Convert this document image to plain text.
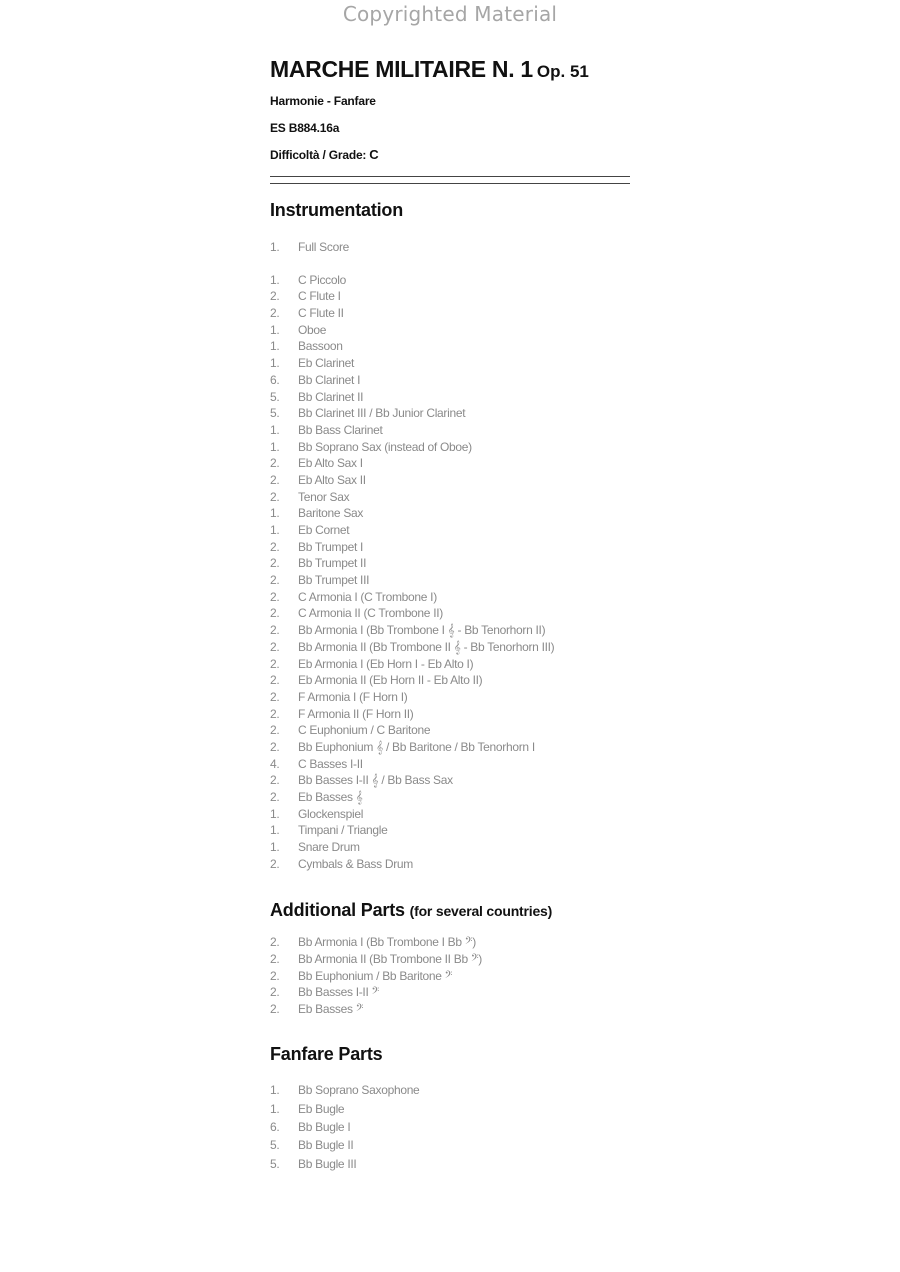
Copyrighted Material
MARCHE MILITAIRE N. 1 Op. 51
Harmonie - Fanfare
ES B884.16a
Difficoltà / Grade: C
Instrumentation
1.	Full Score
1.	C Piccolo
2.	C Flute I
2.	C Flute II
1.	Oboe
1.	Bassoon
1.	Eb Clarinet
6.	Bb Clarinet I
5.	Bb Clarinet II
5.	Bb Clarinet III / Bb Junior Clarinet
1.	Bb Bass Clarinet
1.	Bb Soprano Sax (instead of Oboe)
2.	Eb Alto Sax I
2.	Eb Alto Sax II
2.	Tenor Sax
1.	Baritone Sax
1.	Eb Cornet
2.	Bb Trumpet I
2.	Bb Trumpet II
2.	Bb Trumpet III
2.	C Armonia I (C Trombone I)
2.	C Armonia II (C Trombone II)
2.	Bb Armonia I (Bb Trombone I 𝄞 - Bb Tenorhorn II)
2.	Bb Armonia II (Bb Trombone II 𝄞 - Bb Tenorhorn III)
2.	Eb Armonia I (Eb Horn I - Eb Alto I)
2.	Eb Armonia II (Eb Horn II - Eb Alto II)
2.	F Armonia I (F Horn I)
2.	F Armonia II (F Horn II)
2.	C Euphonium / C Baritone
2.	Bb Euphonium 𝄞 / Bb Baritone / Bb Tenorhorn I
4.	C Basses I-II
2.	Bb Basses I-II 𝄞 / Bb Bass Sax
2.	Eb Basses 𝄞
1.	Glockenspiel
1.	Timpani / Triangle
1.	Snare Drum
2.	Cymbals & Bass Drum
Additional Parts (for several countries)
2.	Bb Armonia I (Bb Trombone I Bb 𝄢)
2.	Bb Armonia II (Bb Trombone II Bb 𝄢)
2.	Bb Euphonium / Bb Baritone 𝄢
2.	Bb Basses I-II 𝄢
2.	Eb Basses 𝄢
Fanfare Parts
1.	Bb Soprano Saxophone
1.	Eb Bugle
6.	Bb Bugle I
5.	Bb Bugle II
5.	Bb Bugle III
